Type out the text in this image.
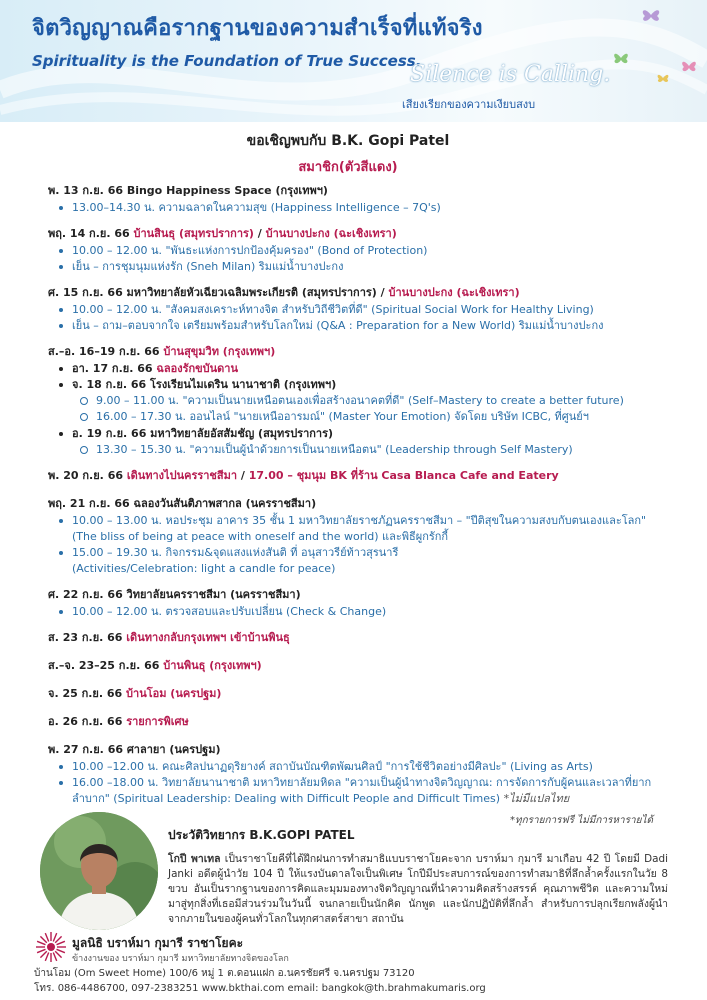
จิตวิญญาณคือรากฐานของความสำเร็จที่แท้จริง
Spirituality is the Foundation of True Success.
Silence is Calling.
เสียงเรียกของความเงียบสงบ
ขอเชิญพบกับ B.K. Gopi Patel
สมาชิก(ตัวสีแดง)
พ. 13 ก.ย. 66 Bingo Happiness Space (กรุงเทพฯ)
13.00–14.30 น. ความฉลาดในความสุข (Happiness Intelligence – 7Q's)
พฤ. 14 ก.ย. 66 บ้านสินธุ (สมุทรปราการ) / บ้านบางปะกง (ฉะเชิงเทรา)
10.00 – 12.00 น. "พันธะแห่งการปกป้องคุ้มครอง" (Bond of Protection)
เย็น – การชุมนุมแห่งรัก (Sneh Milan) ริมแม่น้ำบางปะกง
ศ. 15 ก.ย. 66 มหาวิทยาลัยหัวเฉียวเฉลิมพระเกียรติ (สมุทรปราการ) / บ้านบางปะกง (ฉะเชิงเทรา)
10.00 – 12.00 น. "สังคมสงเคราะห์ทางจิต สำหรับวิถีชีวิตที่ดี" (Spiritual Social Work for Healthy Living)
เย็น – ถาม–ตอบจากใจ เตรียมพร้อมสำหรับโลกใหม่ (Q&A : Preparation for a New World) ริมแม่น้ำบางปะกง
ส.–อ. 16–19 ก.ย. 66 บ้านสุขุมวิท (กรุงเทพฯ)
อา. 17 ก.ย. 66 ฉลองรักขบันดาน
จ. 18 ก.ย. 66 โรงเรียนไมเดริน นานาชาติ (กรุงเทพฯ)
9.00 – 11.00 น. "ความเป็นนายเหนือตนเองเพื่อสร้างอนาคตที่ดี" (Self–Mastery to create a better future)
16.00 – 17.30 น. ออนไลน์ "นายเหนืออารมณ์" (Master Your Emotion) จัดโดย บริษัท ICBC, ที่ศูนย์ฯ
อ. 19 ก.ย. 66 มหาวิทยาลัยอัสสัมชัญ (สมุทรปราการ)
13.30 – 15.30 น. "ความเป็นผู้นำด้วยการเป็นนายเหนือตน" (Leadership through Self Mastery)
พ. 20 ก.ย. 66 เดินทางไปนครราชสีมา / 17.00 – ชุมนุม BK ที่ร้าน Casa Blanca Cafe and Eatery
พฤ. 21 ก.ย. 66 ฉลองวันสันติภาพสากล (นครราชสีมา)
10.00 – 13.00 น. หอประชุม อาคาร 35 ชั้น 1 มหาวิทยาลัยราชภัฏนครราชสีมา – "ปีติสุขในความสงบกับตนเองและโลก"
(The bliss of being at peace with oneself and the world) และพิธีผูกรักกี้
15.00 – 19.30 น. กิจกรรม&จุดแสงแห่งสันติ ที่ อนุสาวรีย์ท้าวสุรนารี
(Activities/Celebration: light a candle for peace)
ศ. 22 ก.ย. 66 วิทยาลัยนครราชสีมา (นครราชสีมา)
10.00 – 12.00 น. ตรวจสอบและปรับเปลี่ยน (Check & Change)
ส. 23 ก.ย. 66 เดินทางกลับกรุงเทพฯ เข้าบ้านพินธุ
ส.–จ. 23–25 ก.ย. 66 บ้านพินธุ (กรุงเทพฯ)
จ. 25 ก.ย. 66 บ้านโอม (นครปฐม)
อ. 26 ก.ย. 66 รายการพิเศษ
พ. 27 ก.ย. 66 ศาลายา (นครปฐม)
10.00 –12.00 น. คณะศิลปนาฏดุริยางค์ สถาบันบัณฑิตพัฒนศิลป์ "การใช้ชีวิตอย่างมีศิลปะ" (Living as Arts)
16.00 –18.00 น. วิทยาลัยนานาชาติ มหาวิทยาลัยมหิดล "ความเป็นผู้นำทางจิตวิญญาณ: การจัดการกับผู้คนและเวลาที่ยาก
ลำบาก" (Spiritual Leadership: Dealing with Difficult People and Difficult Times) *ไม่มีแปลไทย
*ทุกรายการฟรี ไม่มีการหารายได้
ประวัติวิทยากร B.K.GOPI PATEL
โกปี พาเทล เป็นราชาโยคีที่ได้ฝึกฝนการทำสมาธิแบบราชาโยคะจาก บราห์มา กุมารี มาเกือบ 42 ปี โดยมี Dadi Janki อดีตผู้นำวัย 104 ปี ให้แรงบันดาลใจเป็นพิเศษ โกปีมีประสบการณ์ของการทำสมาธิที่ลึกล้ำครั้งแรกในวัย 8 ขวบ อันเป็นรากฐานของการคิดและมุมมองทางจิตวิญญาณที่นำความคิดสร้างสรรค์ คุณภาพชีวิต และความใหม่มาสู่ทุกสิ่งที่เธอมีส่วนร่วมในวันนี้ จนกลายเป็นนักคิด นักพูด และนักปฏิบัติที่ลึกล้ำ สำหรับการปลุกเรียกพลังผู้นำจากภายในของผู้คนทั่วโลกในทุกศาสตร์สาขา สถาบัน
มูลนิธิ บราห์มา กุมารี ราชาโยคะ
ข้างงานของ บราห์มา กุมารี มหาวิทยาลัยทางจิตของโลก
บ้านโอม (Om Sweet Home) 100/6 หมู่ 1 ต.ดอนแฝก อ.นครชัยศรี จ.นครปฐม 73120
โทร. 086-4486700, 097-2383251 www.bkthai.com email: bangkok@th.brahmakumaris.org
